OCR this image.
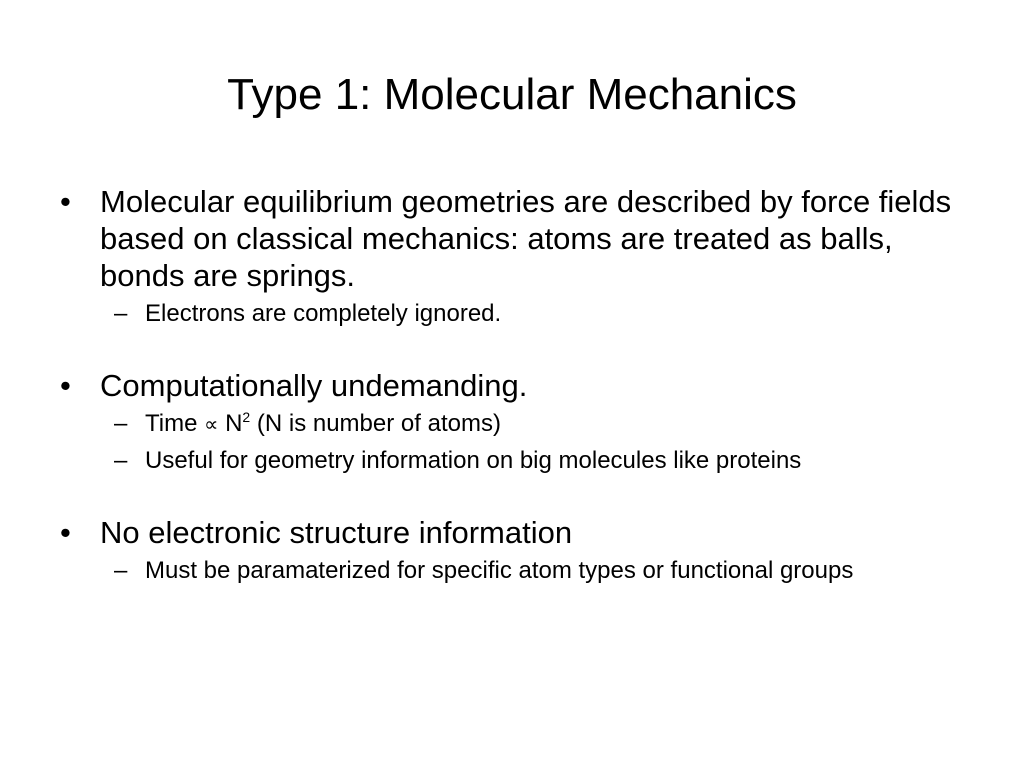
Type 1: Molecular Mechanics
• Molecular equilibrium geometries are described by force fields based on classical mechanics: atoms are treated as balls, bonds are springs.
– Electrons are completely ignored.
• Computationally undemanding.
– Time ∝ $N^2$ (N is number of atoms)
– Useful for geometry information on big molecules like proteins
• No electronic structure information
– Must be paramaterized for specific atom types or functional groups
